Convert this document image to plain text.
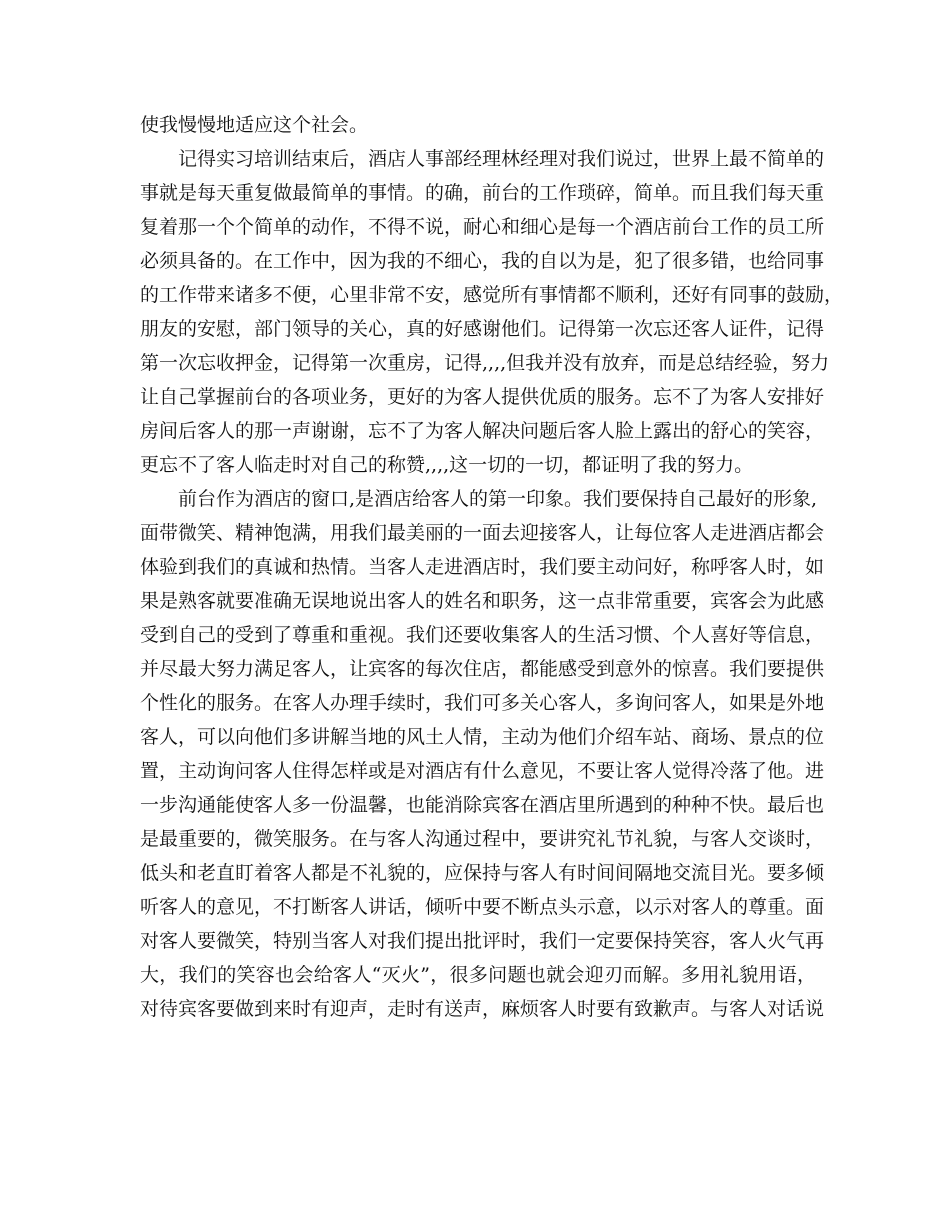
使我慢慢地适应这个社会。
记得实习培训结束后，酒店人事部经理林经理对我们说过，世界上最不简单的
事就是每天重复做最简单的事情。的确，前台的工作琐碎，简单。而且我们每天重
复着那一个个简单的动作，不得不说，耐心和细心是每一个酒店前台工作的员工所
必须具备的。在工作中，因为我的不细心，我的自以为是，犯了很多错，也给同事
的工作带来诸多不便，心里非常不安，感觉所有事情都不顺利，还好有同事的鼓励，
朋友的安慰，部门领导的关心，真的好感谢他们。记得第一次忘还客人证件，记得
第一次忘收押金，记得第一次重房，记得,,,,但我并没有放弃，而是总结经验，努力
让自己掌握前台的各项业务，更好的为客人提供优质的服务。忘不了为客人安排好
房间后客人的那一声谢谢，忘不了为客人解决问题后客人脸上露出的舒心的笑容，
更忘不了客人临走时对自己的称赞,,,,这一切的一切，都证明了我的努力。
前台作为酒店的窗口,是酒店给客人的第一印象。我们要保持自己最好的形象,
面带微笑、精神饱满，用我们最美丽的一面去迎接客人，让每位客人走进酒店都会
体验到我们的真诚和热情。当客人走进酒店时，我们要主动问好，称呼客人时，如
果是熟客就要准确无误地说出客人的姓名和职务，这一点非常重要，宾客会为此感
受到自己的受到了尊重和重视。我们还要收集客人的生活习惯、个人喜好等信息，
并尽最大努力满足客人，让宾客的每次住店，都能感受到意外的惊喜。我们要提供
个性化的服务。在客人办理手续时，我们可多关心客人，多询问客人，如果是外地
客人，可以向他们多讲解当地的风土人情，主动为他们介绍车站、商场、景点的位
置，主动询问客人住得怎样或是对酒店有什么意见，不要让客人觉得冷落了他。进
一步沟通能使客人多一份温馨，也能消除宾客在酒店里所遇到的种种不快。最后也
是最重要的，微笑服务。在与客人沟通过程中，要讲究礼节礼貌，与客人交谈时，
低头和老直盯着客人都是不礼貌的，应保持与客人有时间间隔地交流目光。要多倾
听客人的意见，不打断客人讲话，倾听中要不断点头示意，以示对客人的尊重。面
对客人要微笑，特别当客人对我们提出批评时，我们一定要保持笑容，客人火气再
大，我们的笑容也会给客人“灭火”，很多问题也就会迎刃而解。多用礼貌用语，
对待宾客要做到来时有迎声，走时有送声，麻烦客人时要有致歉声。与客人对话说
